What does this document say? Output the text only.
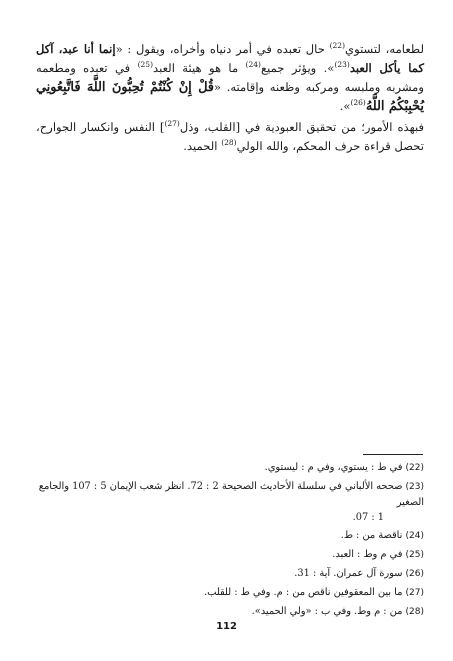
لطعامه، لتستوي$^{(22)}$ حال تعبده في أمر دنياه وأخراه، ويقول : «إنما أنا عبد، آكل كما يأكل العبد$^{(23)}$». ويؤثر جميع$^{(24)}$ ما هو هيئة العبد$^{(25)}$ في تعبده ومطعمه ومشربه وملبسه ومركبه وظعنه وإقامته. «قُلْ إِنْ كُنْتُمْ تُحِبُّونَ اللَّهَ فَاتَّبِعُونِي يُحْبِبْكُمُ اللَّهُ$^{(26)}$».

فبهذه الأمور؛ من تحقيق العبودية في [القلب، وذل$^{(27)}$] النفس وانكسار الجوارح، تحصل قراءة حرف المحكم، والله الولي$^{(28)}$ الحميد.

(22) في ط : يستوي، وفي م : ليستوي.
(23) صححه الألباني في سلسلة الأحاديث الصحيحة 2 : 72. انظر شعب الإيمان 5 : 107 والجامع الصغير
1 : 07.
(24) ناقصة من : ط.
(25) في م وط : العبد.
(26) سورة آل عمران. آية : 31.
(27) ما بين المعقوفين ناقص من : م. وفي ط : للقلب.
(28) من : م وط. وفي ب : «ولي الحميد».
112
